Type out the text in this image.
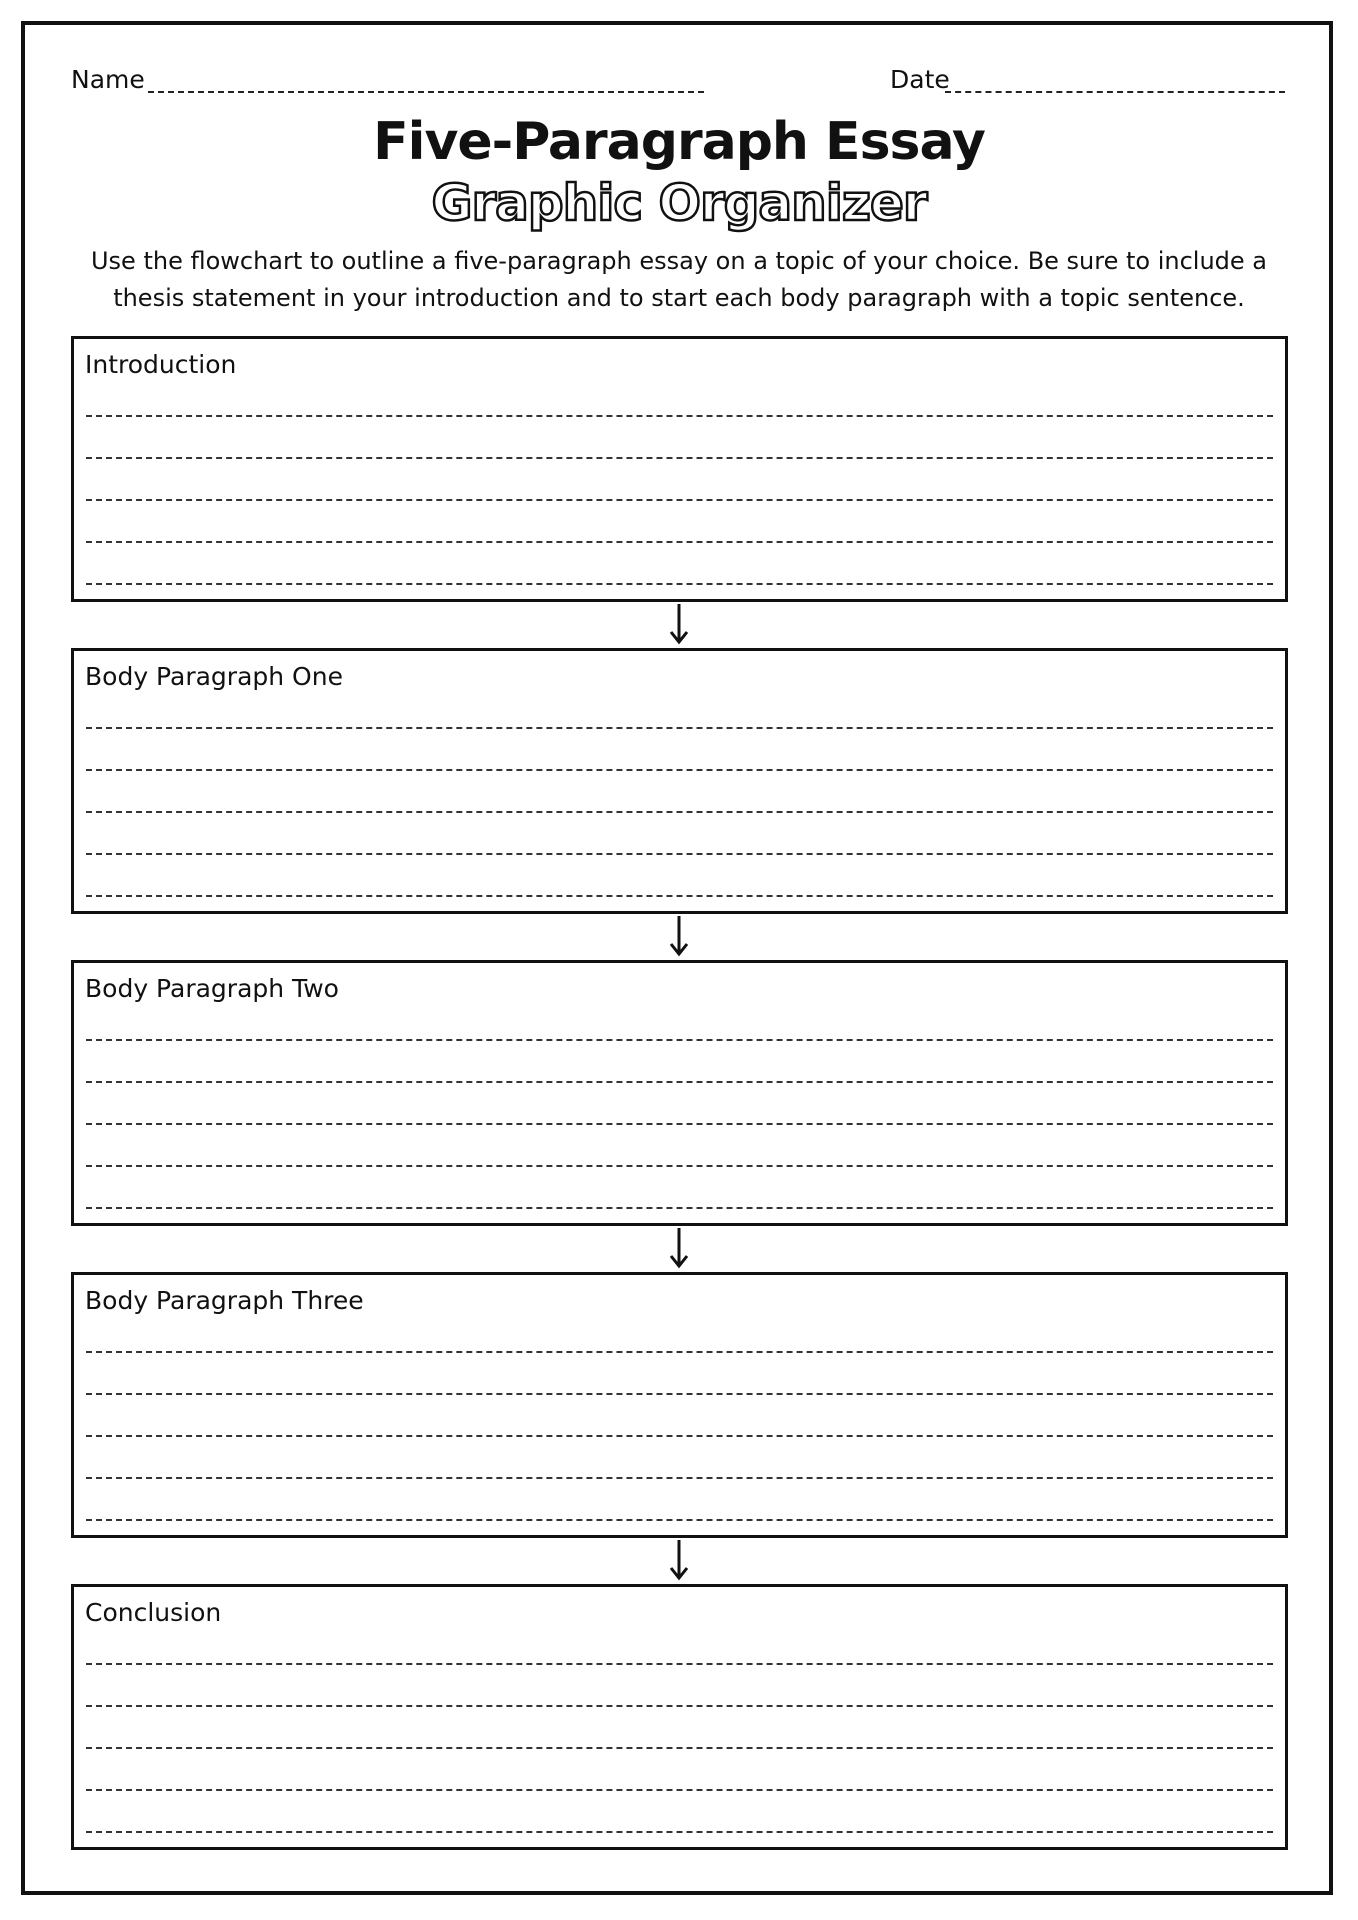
Name	Date
Five-Paragraph Essay
Graphic Organizer
Use the flowchart to outline a five-paragraph essay on a topic of your choice. Be sure to include a thesis statement in your introduction and to start each body paragraph with a topic sentence.
Introduction
Body Paragraph One
Body Paragraph Two
Body Paragraph Three
Conclusion
